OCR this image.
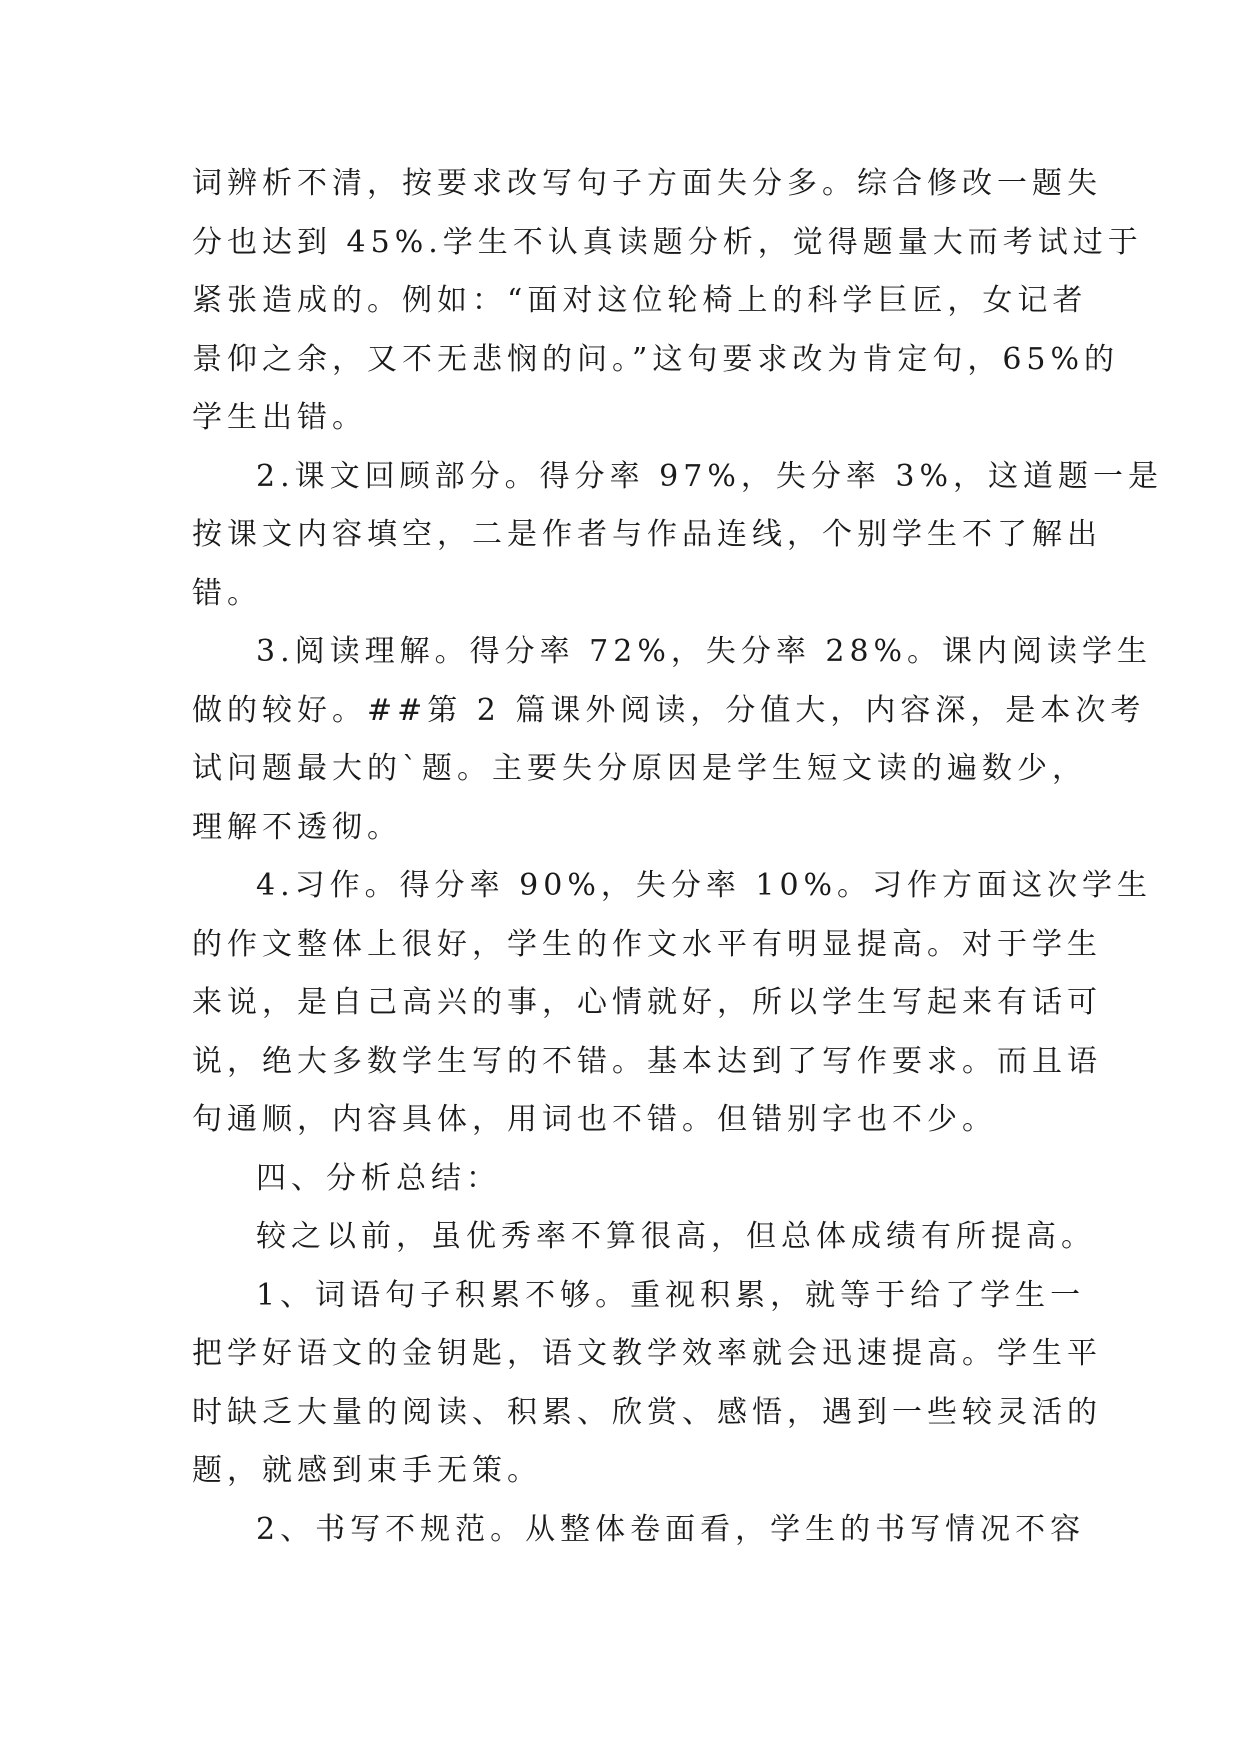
词辨析不清，按要求改写句子方面失分多。综合修改一题失

分也达到 45%.学生不认真读题分析，觉得题量大而考试过于

紧张造成的。例如：“面对这位轮椅上的科学巨匠，女记者

景仰之余，又不无悲悯的问。”这句要求改为肯定句，65%的

学生出错。

2.课文回顾部分。得分率 97%，失分率 3%，这道题一是

按课文内容填空，二是作者与作品连线，个别学生不了解出

错。

3.阅读理解。得分率 72%，失分率 28%。课内阅读学生

做的较好。##第 2 篇课外阅读，分值大，内容深，是本次考

试问题最大的`题。主要失分原因是学生短文读的遍数少，

理解不透彻。

4.习作。得分率 90%，失分率 10%。习作方面这次学生

的作文整体上很好，学生的作文水平有明显提高。对于学生

来说，是自己高兴的事，心情就好，所以学生写起来有话可

说，绝大多数学生写的不错。基本达到了写作要求。而且语

句通顺，内容具体，用词也不错。但错别字也不少。

四、分析总结：

较之以前，虽优秀率不算很高，但总体成绩有所提高。

1、词语句子积累不够。重视积累，就等于给了学生一

把学好语文的金钥匙，语文教学效率就会迅速提高。学生平

时缺乏大量的阅读、积累、欣赏、感悟，遇到一些较灵活的

题，就感到束手无策。

2、书写不规范。从整体卷面看，学生的书写情况不容
